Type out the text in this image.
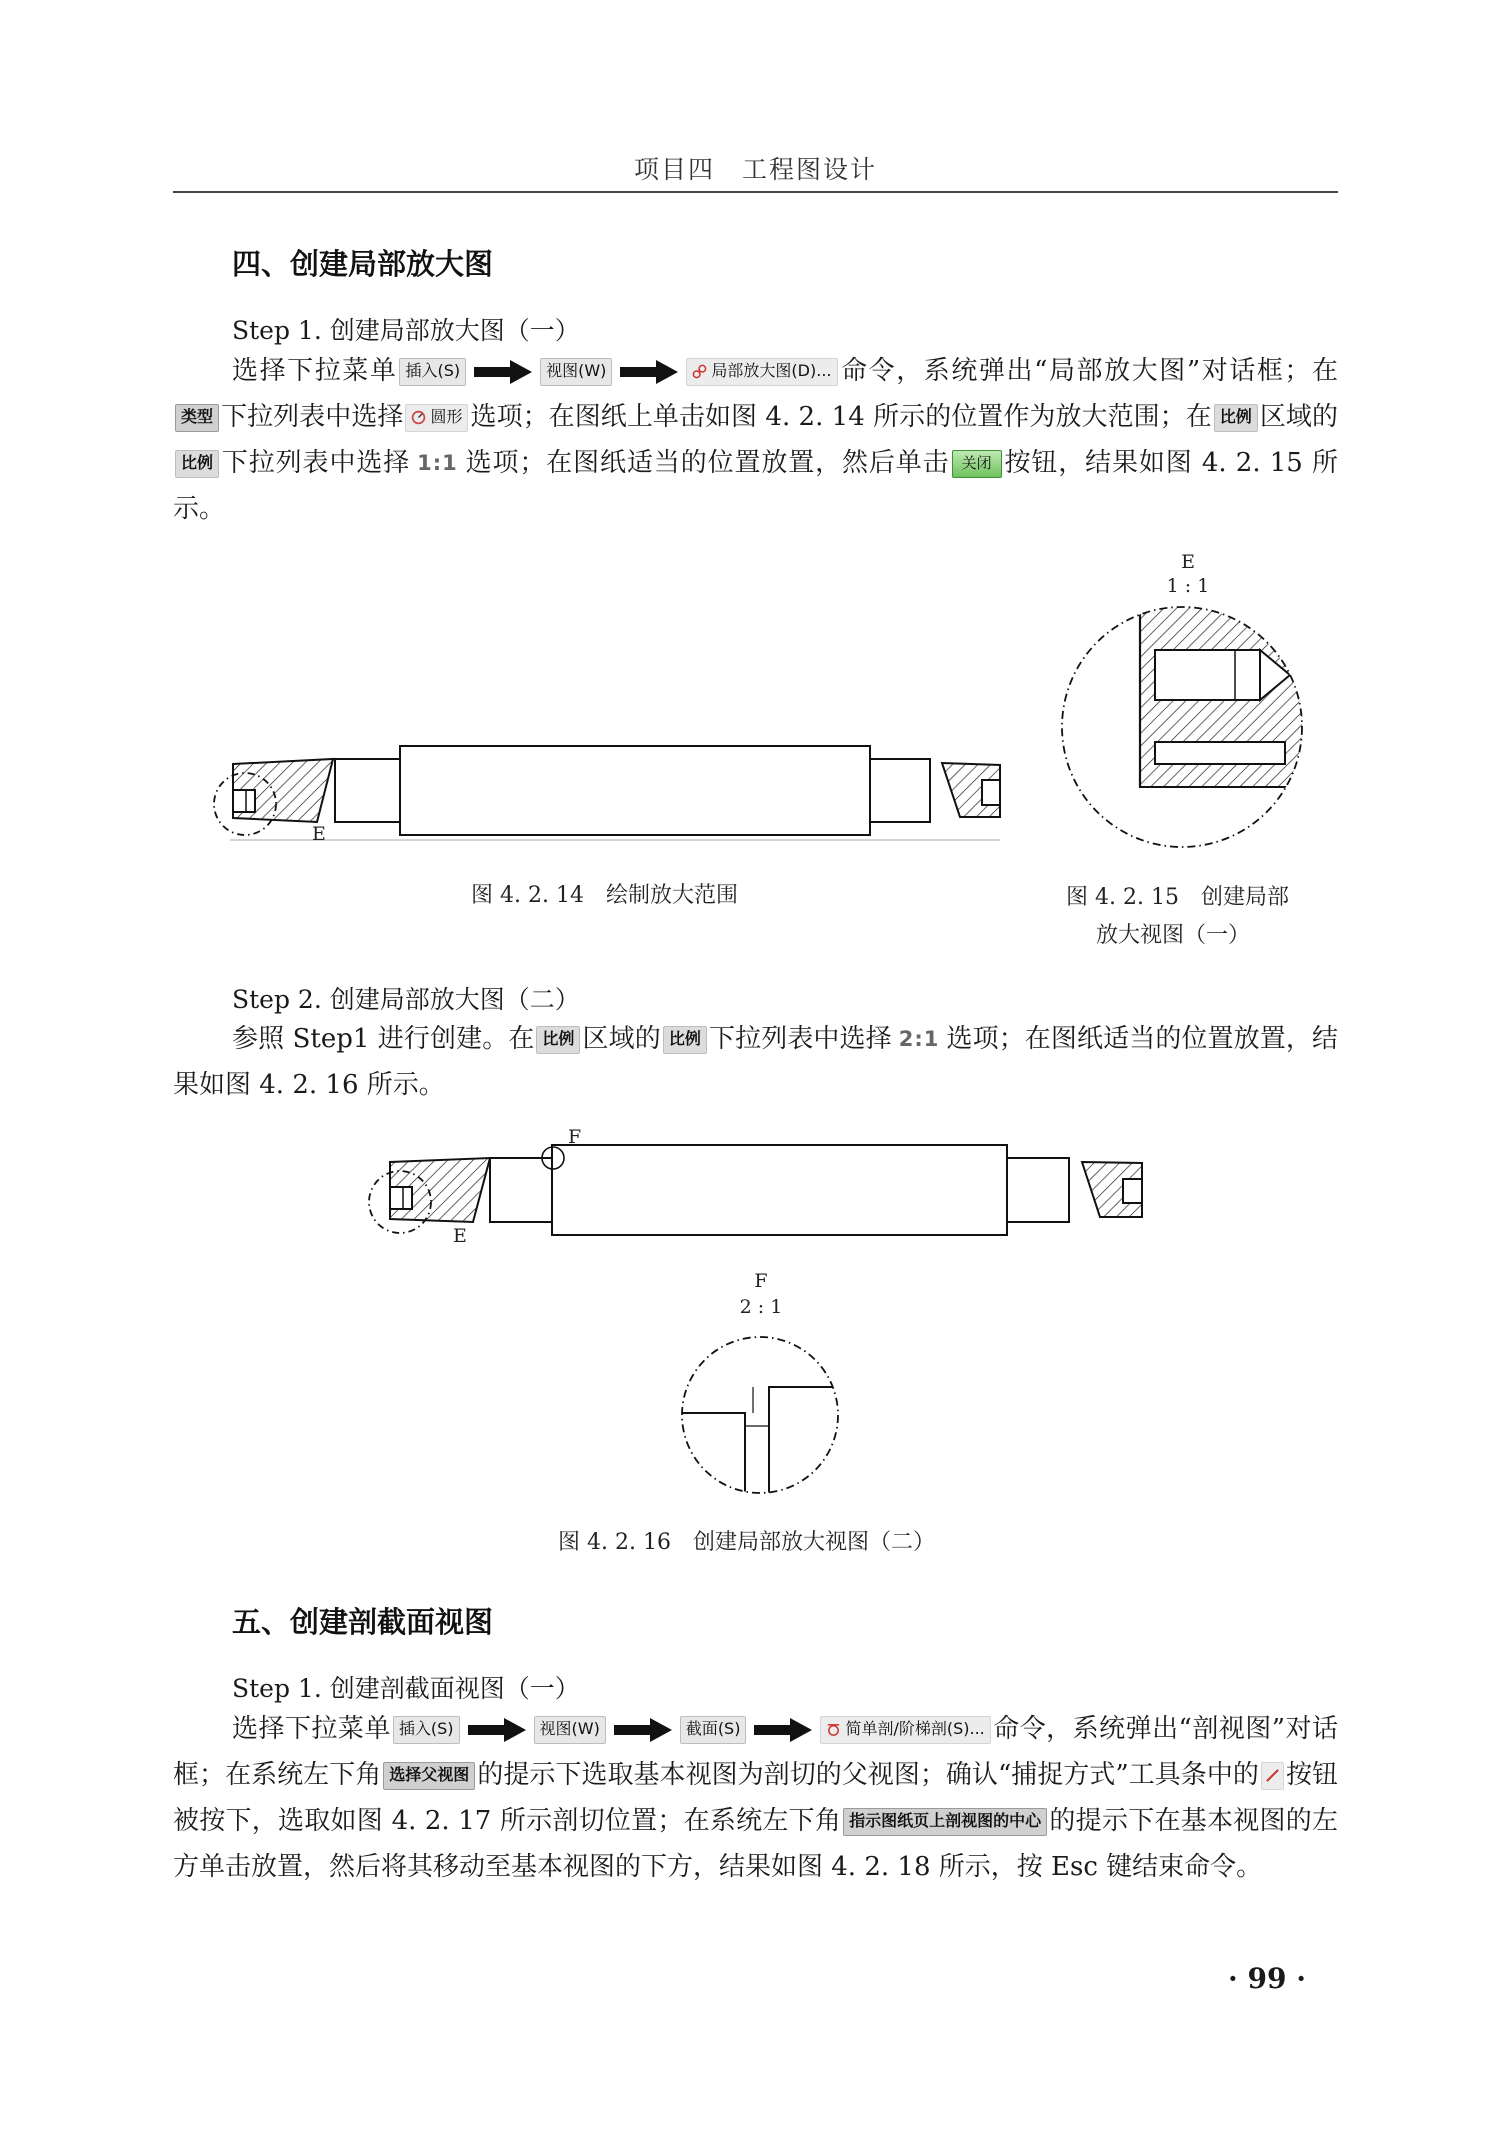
项目四　工程图设计
四、创建局部放大图
Step 1. 创建局部放大图（一）

选择下拉菜单 插入(S)	视图(W)	局部放大图(D)... 命令，系统弹出“局部放大图”对话框；在类型 下拉列表中选择 圆形 选项；在图纸上单击如图 4. 2. 14 所示的位置作为放大范围；在 比例 区域的比例 下拉列表中选择 1:1 选项；在图纸适当的位置放置，然后单击 关闭 按钮，结果如图 4. 2. 15 所示。

E
图 4. 2. 14　绘制放大范围
E
1 : 1
图 4. 2. 15　创建局部
放大视图（一）
Step 2. 创建局部放大图（二）

参照 Step1 进行创建。在 比例 区域的 比例 下拉列表中选择 2:1 选项；在图纸适当的位置放置，结果如图 4. 2. 16 所示。

F
E
F
2 : 1
图 4. 2. 16　创建局部放大视图（二）
五、创建剖截面视图
Step 1. 创建剖截面视图（一）

选择下拉菜单 插入(S)	视图(W)	截面(S)	简单剖/阶梯剖(S)... 命令，系统弹出“剖视图”对话框；在系统左下角 选择父视图 的提示下选取基本视图为剖切的父视图；确认“捕捉方式”工具条中的 按钮被按下，选取如图 4. 2. 17 所示剖切位置；在系统左下角 指示图纸页上剖视图的中心 的提示下在基本视图的左方单击放置，然后将其移动至基本视图的下方，结果如图 4. 2. 18 所示，按 Esc 键结束命令。

· 99 ·
